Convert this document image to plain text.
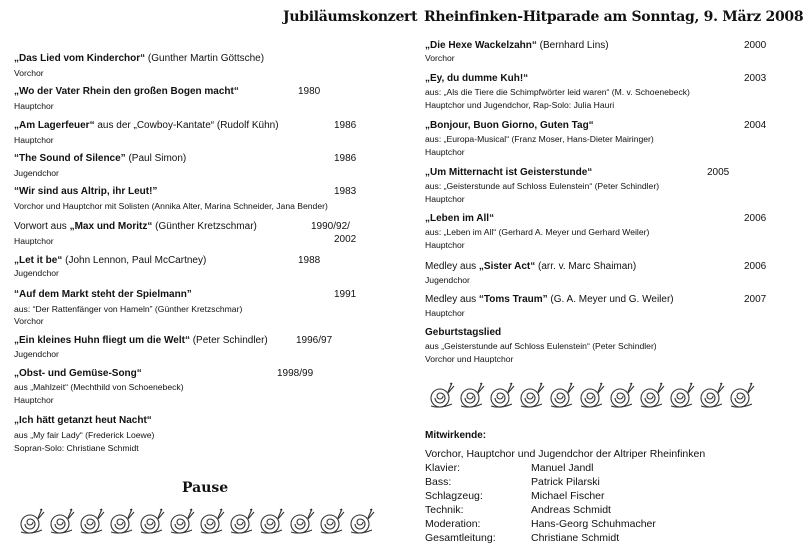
Jubiläumskonzert
„Das Lied vom Kinderchor“ (Gunther Martin Göttsche)
Vorchor
„Wo der Vater Rhein den großen Bogen macht“	1980
Hauptchor
„Am Lagerfeuer“ aus der „Cowboy-Kantate“ (Rudolf Kühn)	1986
Hauptchor
“The Sound of Silence” (Paul Simon)	1986
Jugendchor
“Wir sind aus Altrip, ihr Leut!”	1983
Vorchor und Hauptchor mit Solisten (Annika Alter, Marina Schneider, Jana Bender)
Vorwort aus „Max und Moritz“ (Günther Kretzschmar)	1990/92/
2002
Hauptchor
„Let it be“ (John Lennon, Paul McCartney)	1988
Jugendchor
“Auf dem Markt steht der Spielmann”	1991
aus: “Der Rattenfänger von Hameln” (Günther Kretzschmar)
Vorchor
„Ein kleines Huhn fliegt um die Welt“ (Peter Schindler)	1996/97
Jugendchor
„Obst- und Gemüse-Song“	1998/99
aus „Mahlzeit“ (Mechthild von Schoenebeck)
Hauptchor
„Ich hätt getanzt heut Nacht“
aus „My fair Lady“ (Frederick Loewe)
Sopran-Solo: Christiane Schmidt
Pause
Rheinfinken-Hitparade am Sonntag, 9. März 2008
„Die Hexe Wackelzahn“ (Bernhard Lins)	2000
Vorchor
„Ey, du dumme Kuh!“	2003
aus: „Als die Tiere die Schimpfwörter leid waren“ (M. v. Schoenebeck)
Hauptchor und Jugendchor, Rap-Solo: Julia Hauri
„Bonjour, Buon Giorno, Guten Tag“	2004
aus: „Europa-Musical“ (Franz Moser, Hans-Dieter Mairinger)
Hauptchor
„Um Mitternacht ist Geisterstunde“	2005
aus: „Geisterstunde auf Schloss Eulenstein“ (Peter Schindler)
Hauptchor
„Leben im All“	2006
aus: „Leben im All“ (Gerhard A. Meyer und Gerhard Weiler)
Hauptchor
Medley aus „Sister Act“ (arr. v. Marc Shaiman)	2006
Jugendchor
Medley aus “Toms Traum” (G. A. Meyer und G. Weiler)	2007
Hauptchor
Geburtstagslied
aus „Geisterstunde auf Schloss Eulenstein“ (Peter Schindler)
Vorchor und Hauptchor
Mitwirkende:
Vorchor, Hauptchor und Jugendchor der Altriper Rheinfinken
Klavier:	Manuel Jandl
Bass:	Patrick Pilarski
Schlagzeug:	Michael Fischer
Technik:	Andreas Schmidt
Moderation:	Hans-Georg Schuhmacher
Gesamtleitung:	Christiane Schmidt
